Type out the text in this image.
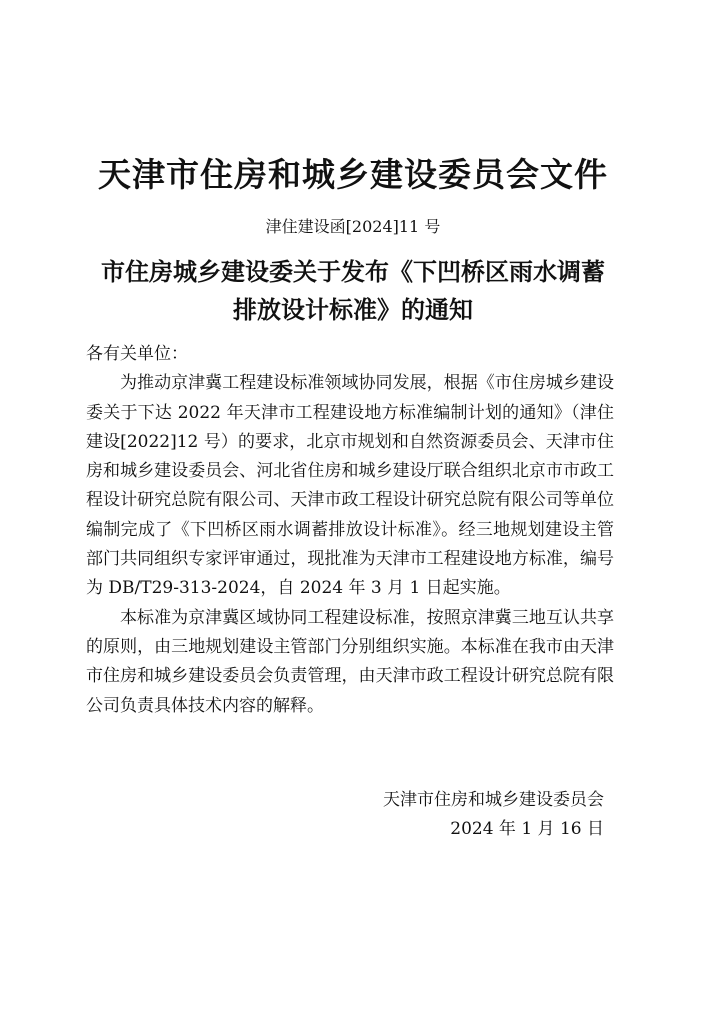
天津市住房和城乡建设委员会文件
津住建设函[2024]11 号
市住房城乡建设委关于发布《下凹桥区雨水调蓄
排放设计标准》的通知

各有关单位：

为推动京津冀工程建设标准领域协同发展，根据《市住房城乡建设委关于下达 2022 年天津市工程建设地方标准编制计划的通知》（津住建设[2022]12 号）的要求，北京市规划和自然资源委员会、天津市住房和城乡建设委员会、河北省住房和城乡建设厅联合组织北京市市政工程设计研究总院有限公司、天津市政工程设计研究总院有限公司等单位编制完成了《下凹桥区雨水调蓄排放设计标准》。经三地规划建设主管部门共同组织专家评审通过，现批准为天津市工程建设地方标准，编号为 DB/T29-313-2024，自 2024 年 3 月 1 日起实施。

本标准为京津冀区域协同工程建设标准，按照京津冀三地互认共享的原则，由三地规划建设主管部门分别组织实施。本标准在我市由天津市住房和城乡建设委员会负责管理，由天津市政工程设计研究总院有限公司负责具体技术内容的解释。

天津市住房和城乡建设委员会
2024 年 1 月 16 日
